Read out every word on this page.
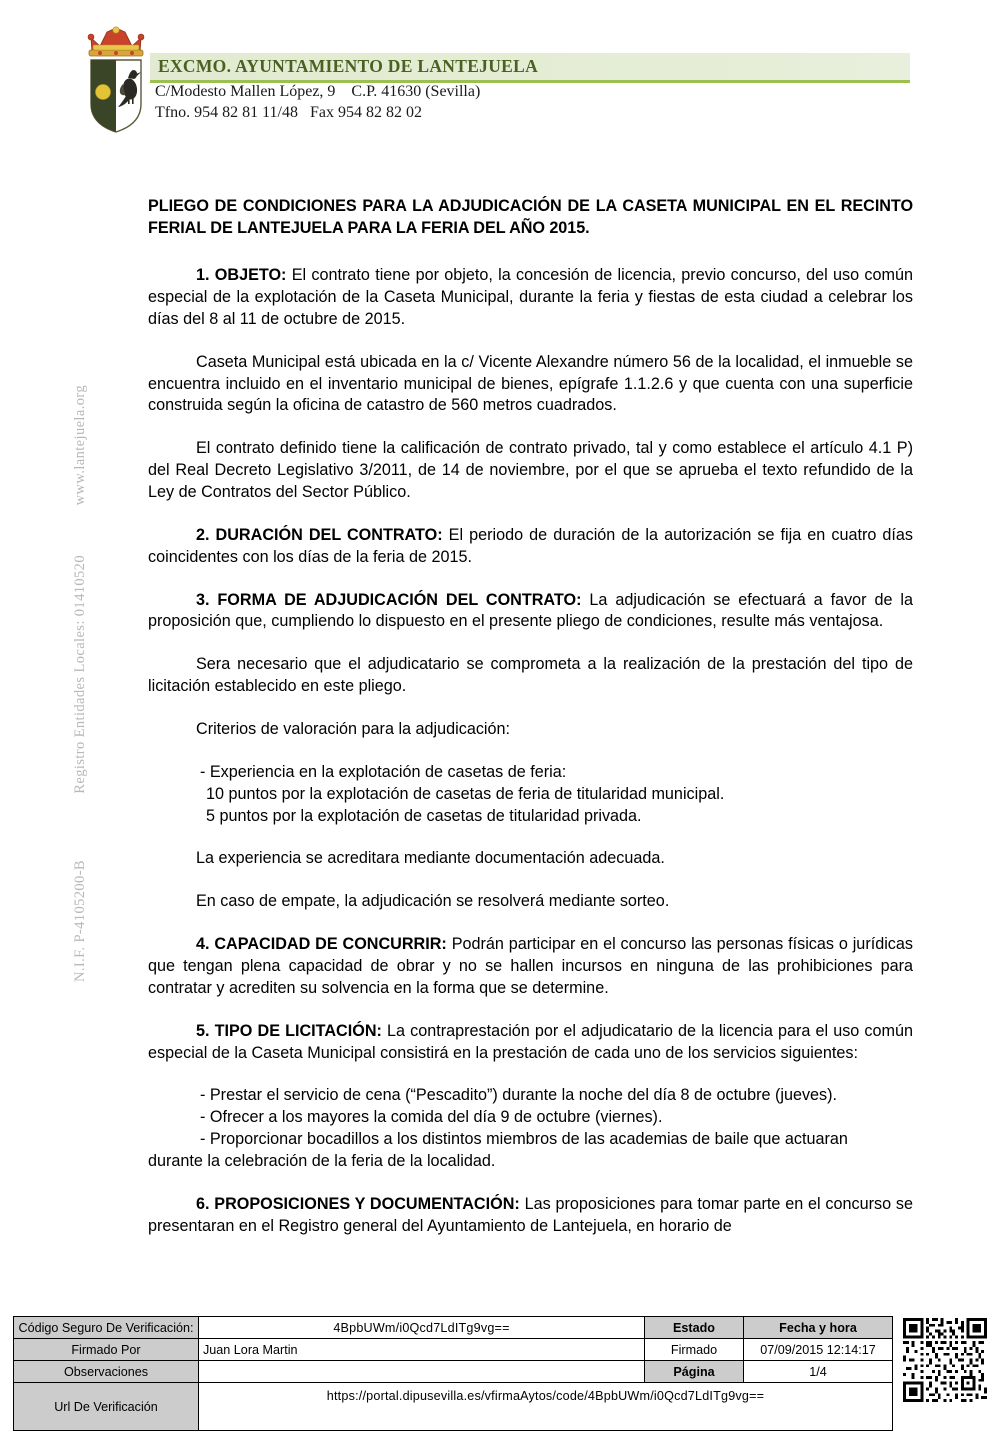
EXCMO. AYUNTAMIENTO DE LANTEJUELA
C/Modesto Mallen López, 9    C.P. 41630 (Sevilla)
Tfno. 954 82 81 11/48   Fax 954 82 82 02
www.lantejuela.org
Registro Entidades Locales: 01410520
N.I.F. P-4105200-B
PLIEGO DE CONDICIONES PARA LA ADJUDICACIÓN DE LA CASETA MUNICIPAL EN EL RECINTO FERIAL DE LANTEJUELA PARA LA FERIA DEL AÑO 2015.

1. OBJETO: El contrato tiene por objeto, la concesión de licencia, previo concurso, del uso común especial de la explotación de la Caseta Municipal, durante la feria y fiestas de esta ciudad a celebrar los días del 8 al 11 de octubre de 2015.

Caseta Municipal está ubicada en la c/ Vicente Alexandre número 56 de la localidad, el inmueble se encuentra incluido en el inventario municipal de bienes, epígrafe 1.1.2.6 y que cuenta con una superficie construida según la oficina de catastro de 560 metros cuadrados.

El contrato definido tiene la calificación de contrato privado, tal y como establece el artículo 4.1 P) del Real Decreto Legislativo 3/2011, de 14 de noviembre, por el que se aprueba el texto refundido de la Ley de Contratos del Sector Público.

2. DURACIÓN DEL CONTRATO: El periodo de duración de la autorización se fija en cuatro días coincidentes con los días de la feria de 2015.

3. FORMA DE ADJUDICACIÓN DEL CONTRATO: La adjudicación se efectuará a favor de la proposición que, cumpliendo lo dispuesto en el presente pliego de condiciones, resulte más ventajosa.

Sera necesario que el adjudicatario se comprometa a la realización de la prestación del tipo de licitación establecido en este pliego.

Criterios de valoración para la adjudicación:

- Experiencia en la explotación de casetas de feria:
10 puntos por la explotación de casetas de feria de titularidad municipal.
5 puntos por la explotación de casetas de titularidad privada.

La experiencia se acreditara mediante documentación adecuada.

En caso de empate, la adjudicación se resolverá mediante sorteo.

4. CAPACIDAD DE CONCURRIR: Podrán participar en el concurso las personas físicas o jurídicas que tengan plena capacidad de obrar y no se hallen incursos en ninguna de las prohibiciones para contratar y acrediten su solvencia en la forma que se determine.

5. TIPO DE LICITACIÓN: La contraprestación por el adjudicatario de la licencia para el uso común especial de la Caseta Municipal consistirá en la prestación de cada uno de los servicios siguientes:

- Prestar el servicio de cena (“Pescadito”) durante la noche del día 8 de octubre (jueves).
- Ofrecer a los mayores la comida del día 9 de octubre (viernes).
- Proporcionar bocadillos a los distintos miembros de las academias de baile que actuaran
durante la celebración de la feria de la localidad.

6. PROPOSICIONES Y DOCUMENTACIÓN: Las proposiciones para tomar parte en el concurso se presentaran en el Registro general del Ayuntamiento de Lantejuela, en horario de

Código Seguro De Verificación:	4BpbUWm/i0Qcd7LdITg9vg==	Estado	Fecha y hora
Firmado Por	Juan Lora Martin	Firmado	07/09/2015 12:14:17
Observaciones		Página	1/4
Url De Verificación	https://portal.dipusevilla.es/vfirmaAytos/code/4BpbUWm/i0Qcd7LdITg9vg==		
